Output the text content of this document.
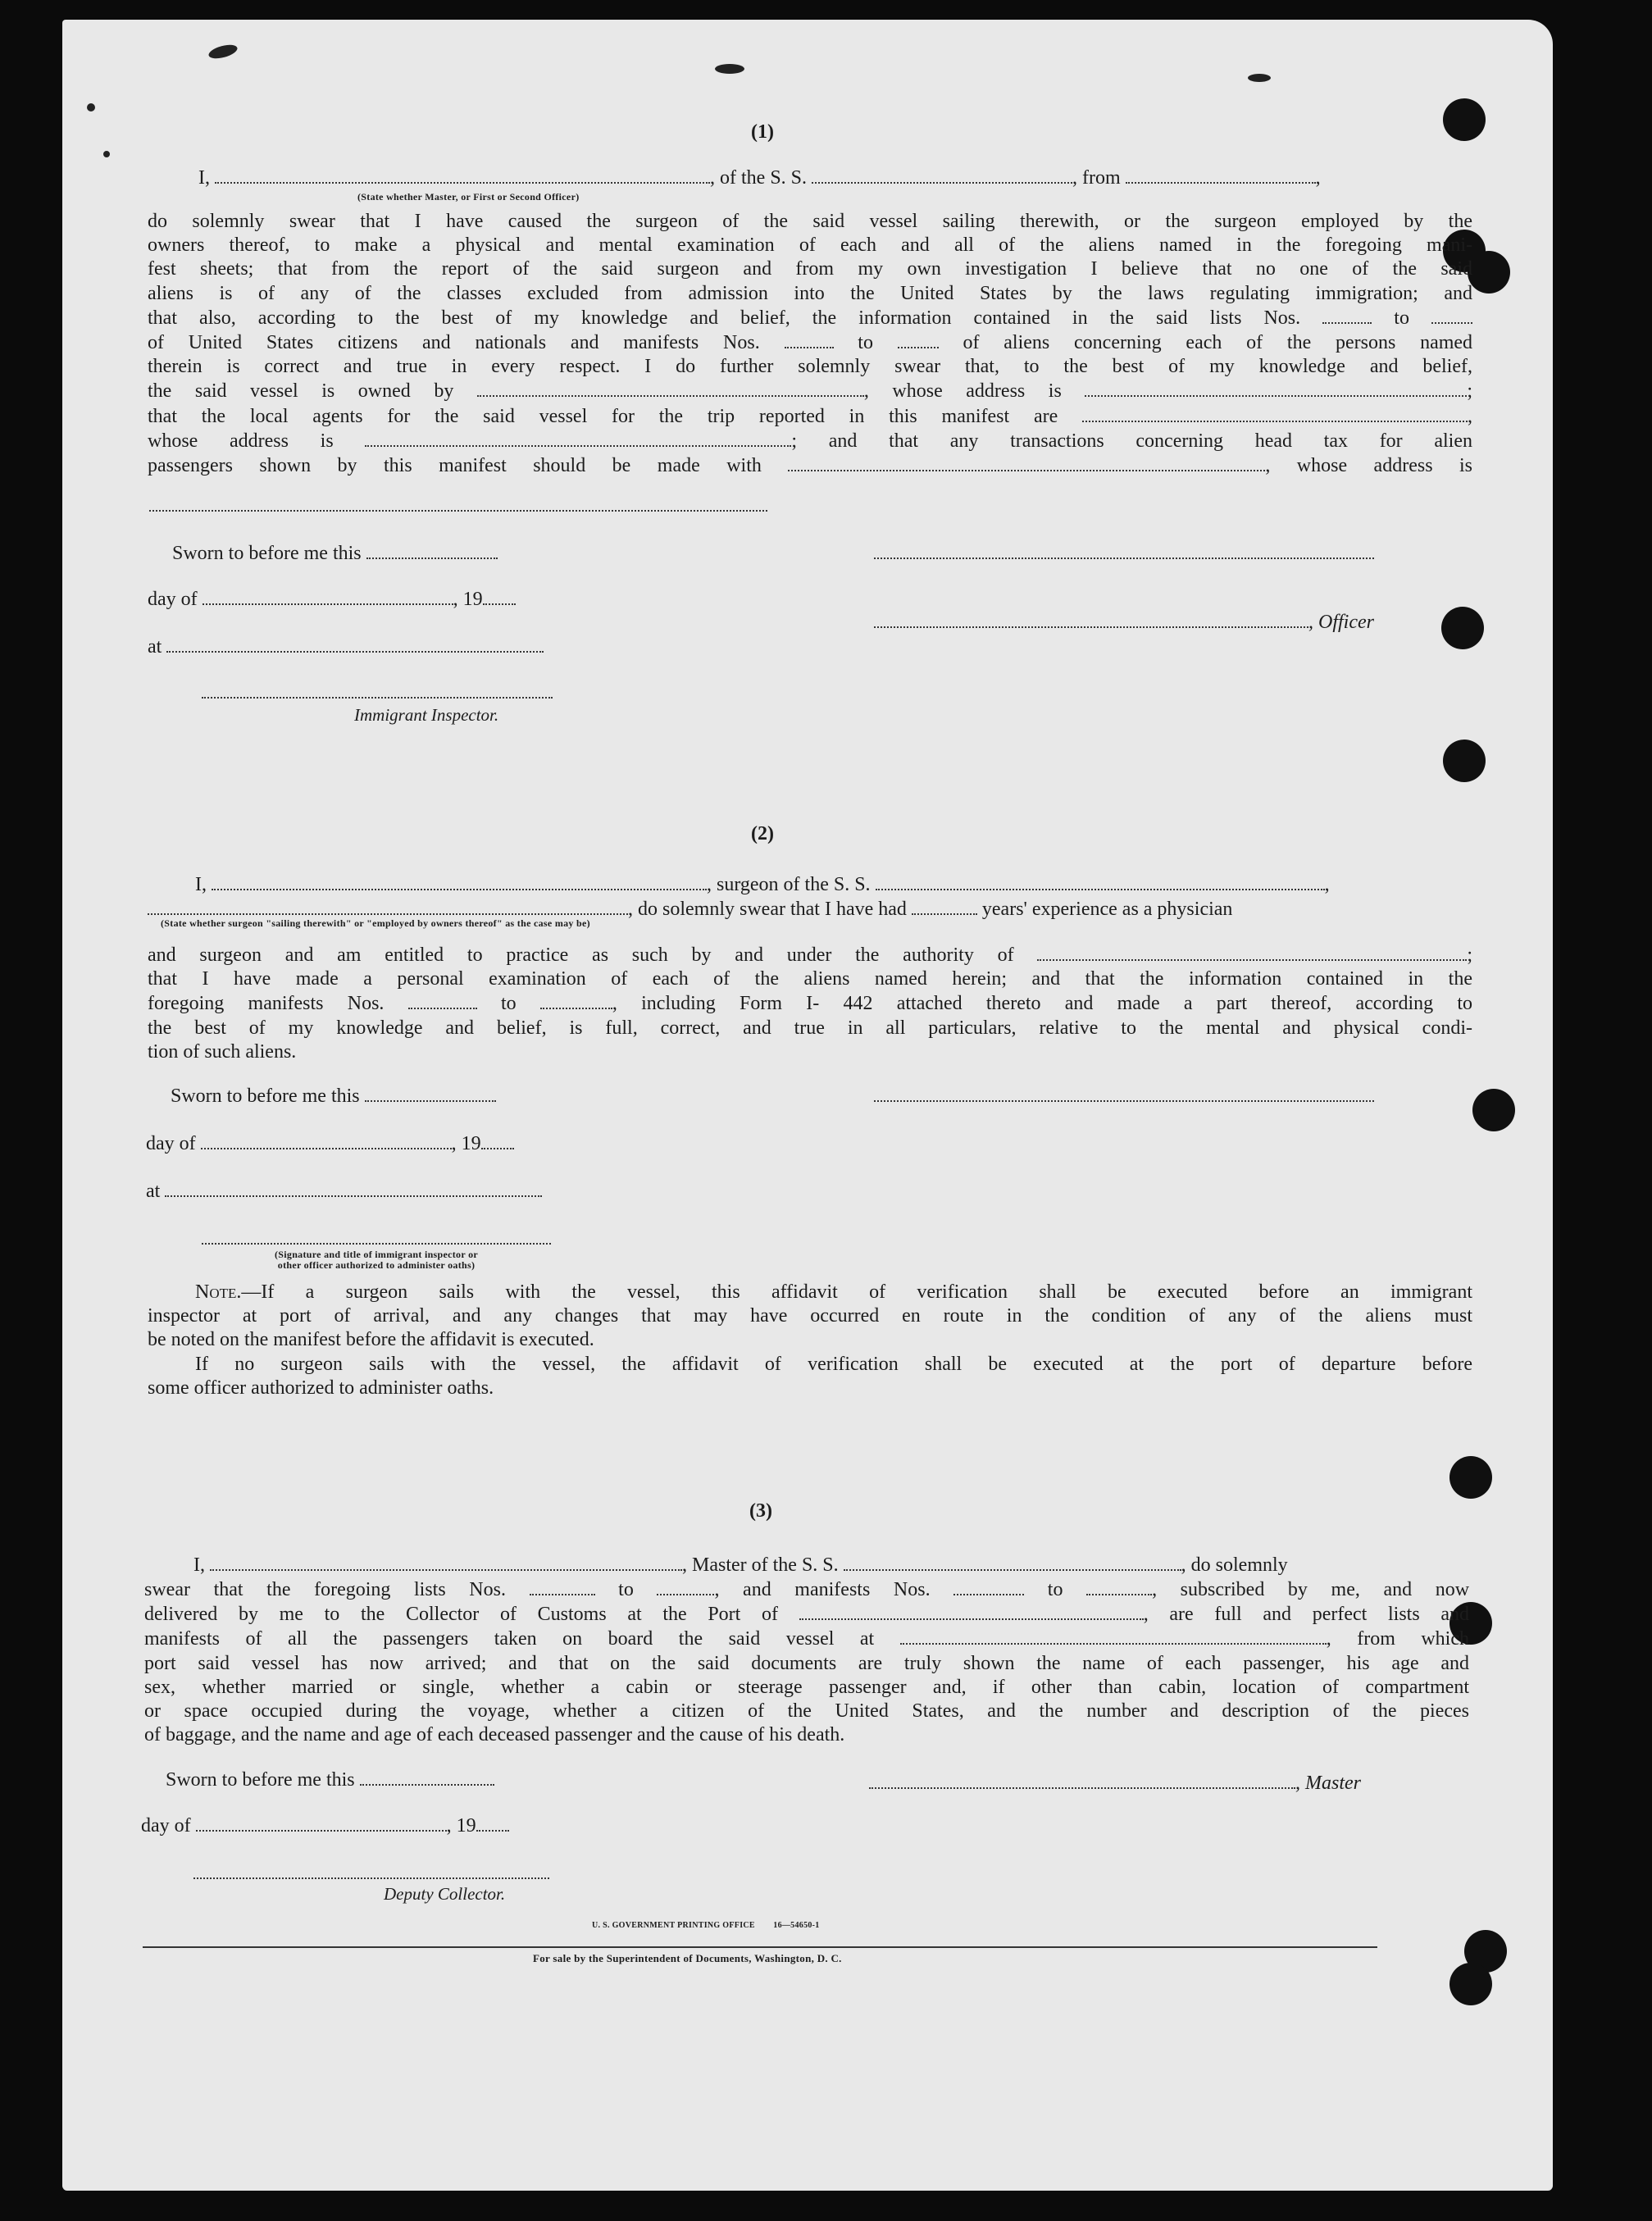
(1)
I,	, of the S. S.	, from	,
(State whether Master, or First or Second Officer)

do solemnly swear that I have caused the surgeon of the said vessel sailing therewith, or the surgeon employed by the

owners thereof, to make a physical and mental examination of each and all of the aliens named in the foregoing mani-

fest sheets; that from the report of the said surgeon and from my own investigation I believe that no one of the said

aliens is of any of the classes excluded from admission into the United States by the laws regulating immigration; and

that also, according to the best of my knowledge and belief, the information contained in the said lists Nos.	to

of United States citizens and nationals and manifests Nos.	to	of aliens concerning each of the persons named

therein is correct and true in every respect. I do further solemnly swear that, to the best of my knowledge and belief,

the said vessel is owned by	, whose address is	;

that the local agents for the said vessel for the trip reported in this manifest are	,

whose address is	; and that any transactions concerning head tax for alien

passengers shown by this manifest should be made with	, whose address is

Sworn to before me this
day of	, 19
, Officer
at
Immigrant Inspector.
(2)
I,	, surgeon of the S. S.	,
, do solemnly swear that I have had	years' experience as a physician
(State whether surgeon "sailing therewith" or "employed by owners thereof" as the case may be)

and surgeon and am entitled to practice as such by and under the authority of	;

that I have made a personal examination of each of the aliens named herein; and that the information contained in the

foregoing manifests Nos.	to	, including Form I- 442 attached thereto and made a part thereof, according to

the best of my knowledge and belief, is full, correct, and true in all particulars, relative to the mental and physical condi-

tion of such aliens.

Sworn to before me this
day of	, 19
at
(Signature and title of immigrant inspector or
other officer authorized to administer oaths)

Note.—If a surgeon sails with the vessel, this affidavit of verification shall be executed before an immigrant

inspector at port of arrival, and any changes that may have occurred en route in the condition of any of the aliens must

be noted on the manifest before the affidavit is executed.

If no surgeon sails with the vessel, the affidavit of verification shall be executed at the port of departure before

some officer authorized to administer oaths.

(3)
I,	, Master of the S. S.	, do solemnly

swear that the foregoing lists Nos.	to	, and manifests Nos.	to	, subscribed by me, and now

delivered by me to the Collector of Customs at the Port of	, are full and perfect lists and

manifests of all the passengers taken on board the said vessel at	, from which

port said vessel has now arrived; and that on the said documents are truly shown the name of each passenger, his age and

sex, whether married or single, whether a cabin or steerage passenger and, if other than cabin, location of compartment

or space occupied during the voyage, whether a citizen of the United States, and the number and description of the pieces

of baggage, and the name and age of each deceased passenger and the cause of his death.

Sworn to before me this	, Master
day of	, 19
Deputy Collector.
U. S. GOVERNMENT PRINTING OFFICE        16—54650-1
For sale by the Superintendent of Documents, Washington, D. C.
